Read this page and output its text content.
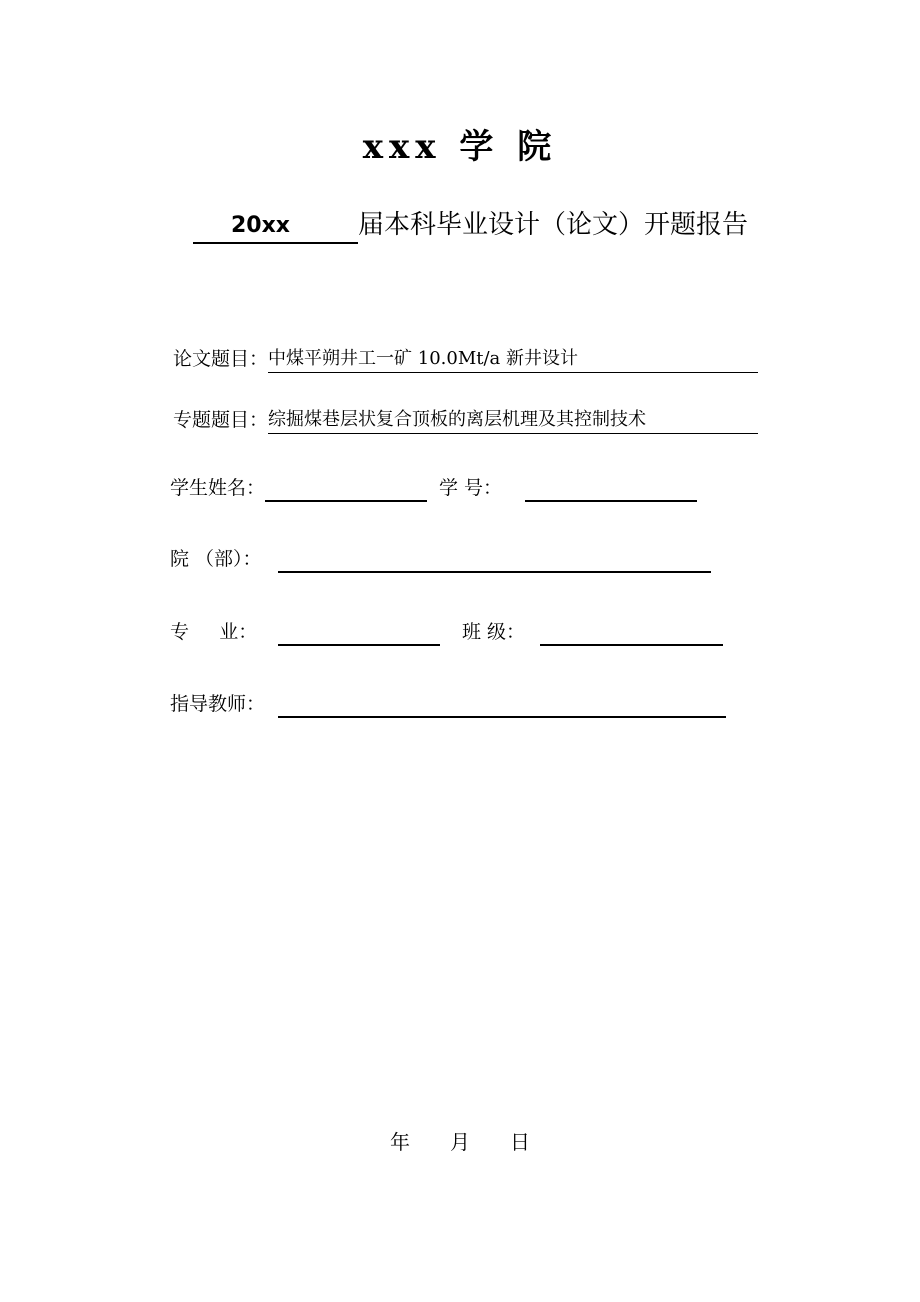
xxx 学 院
20xx	届本科毕业设计（论文）开题报告
论文题目： 中煤平朔井工一矿 10.0Mt/a 新井设计
专题题目： 综掘煤巷层状复合顶板的离层机理及其控制技术
学生姓名：	学 号：
院 （部）：
专     业：	班 级：
指导教师：
年 月 日
